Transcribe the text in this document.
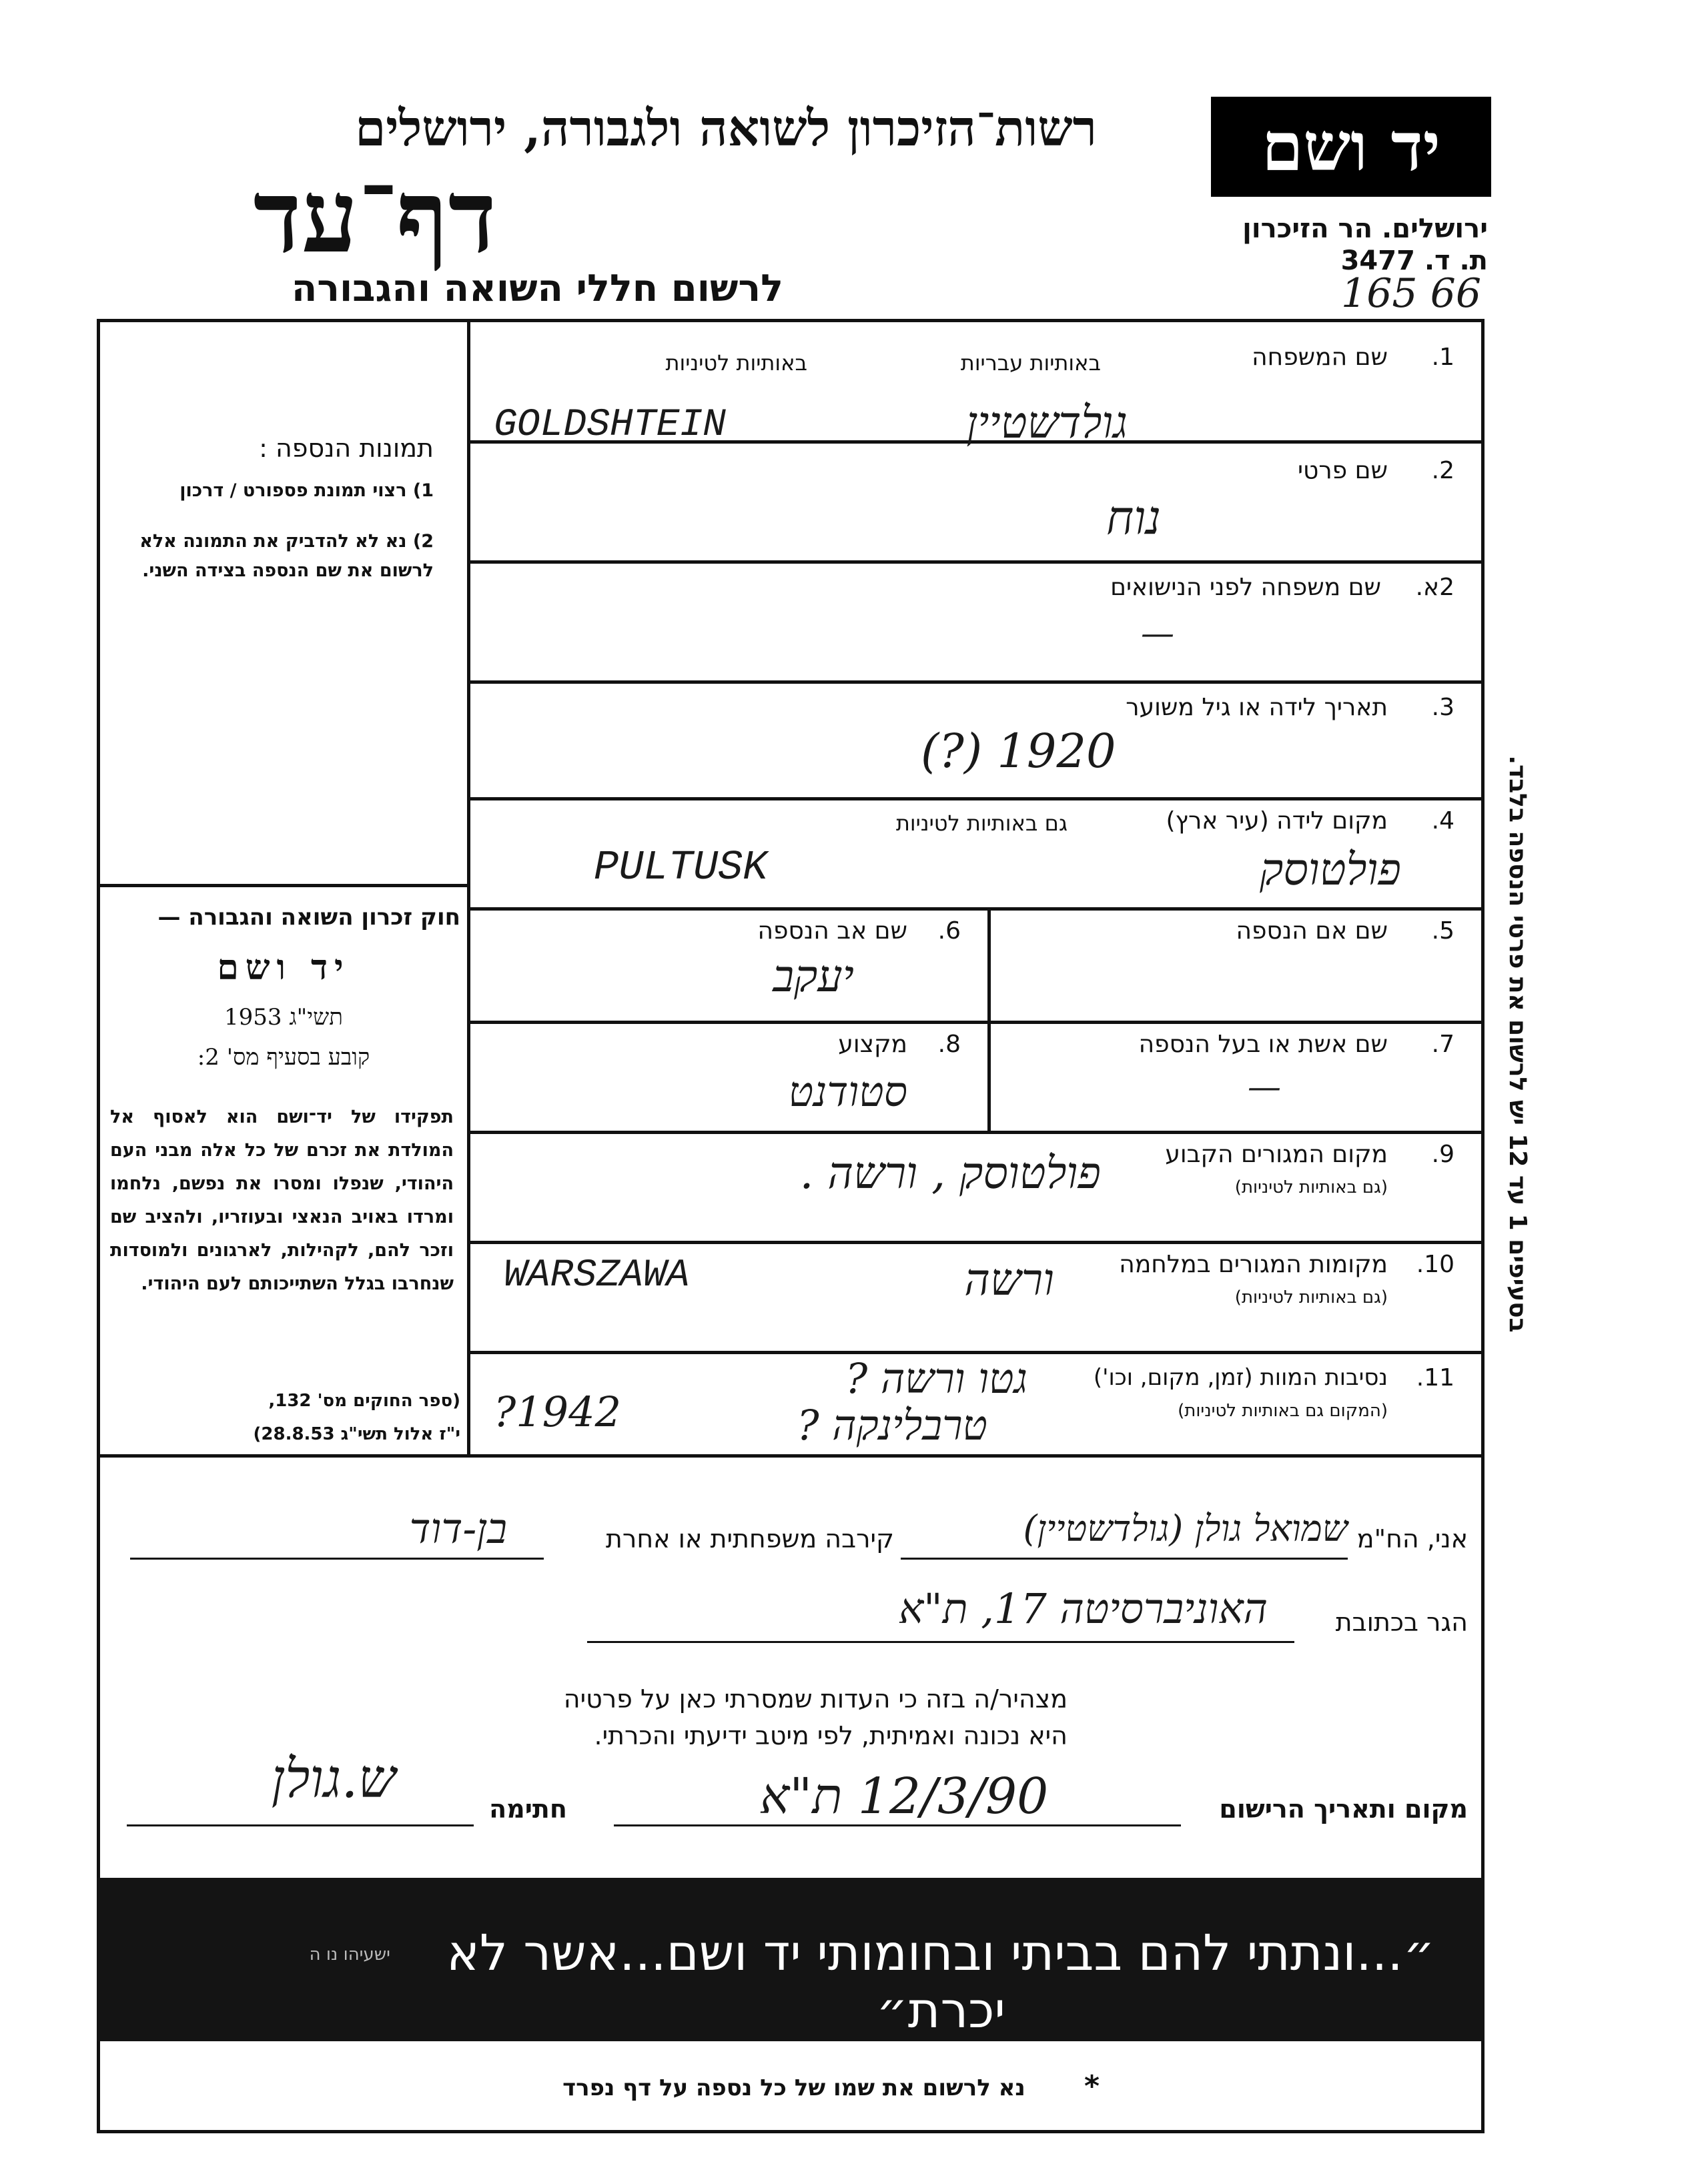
רשות־הזיכרון לשואה ולגבורה, ירושלים
דף־עד
לרשום חללי השואה והגבורה
יד ושם
ירושלים. הר הזיכרון
ת. ד. 3477
165 66
תמונות הנספה :
1) רצוי תמונת פספורט / דרכון
2) נא לא להדביק את התמונה אלא לרשום את שם הנספה בצידה השני.
חוק זכרון השואה והגבורה —
יד ושם
תשי"ג 1953
קובע בסעיף מס' 2:
תפקידו של יד־ושם הוא לאסוף אל המולדת את זכרם של כל אלה מבני העם היהודי, שנפלו ומסרו את נפשם, נלחמו ומרדו באויב הנאצי ובעוזריו, ולהציב שם וזכר להם, לקהילות, לארגונים ולמוסדות שנחרבו בגלל השתייכותם לעם היהודי.
(ספר החוקים מס' 132,
י"ז אלול תשי"ג 28.8.53)
1.
שם המשפחה
באותיות עבריות
באותיות לטיניות
גולדשטיין
GOLDSHTEIN
2.
שם פרטי
נוח
2א.
שם משפחה לפני הנישואים
—
3.
תאריך לידה או גיל משוער
(?) 1920
4.
מקום לידה (עיר ארץ)
גם באותיות לטיניות
פולטוסק
PULTUSK
5.
שם אם הנספה
6.
שם אב הנספה
יעקב
7.
שם אשת או בעל הנספה
—
8.
מקצוע
סטודנט
9.
מקום המגורים הקבוע
(גם באותיות לטיניות)
פולטוסק , ורשה .
10.
מקומות המגורים במלחמה
(גם באותיות לטיניות)
ורשה
WARSZAWA
11.
נסיבות המוות (זמן, מקום, וכו')
(המקום גם באותיות לטיניות)
גטו ורשה ?
טרבלינקה ?
?1942
בסעיפים 1 עד 12 יש לרשום את פרטי הנספה בלבד.
אני, הח"מ
שמואל גולן (גולדשטיין)
קירבה משפחתית או אחרת
בן-דוד
הגר בכתובת
האוניברסיטה 17, ת"א
מצהיר/ה בזה כי העדות שמסרתי כאן על פרטיה
היא נכונה ואמיתית, לפי מיטב ידיעתי והכרתי.
חתימה
ש.גולן	מקום ותאריך הרישום
12/3/90 ת"א
״...ונתתי להם בביתי ובחומותי יד ושם...אשר לא יכרת״
ישעיהו נו ה
נא לרשום את שמו של כל נספה על דף נפרד	*
